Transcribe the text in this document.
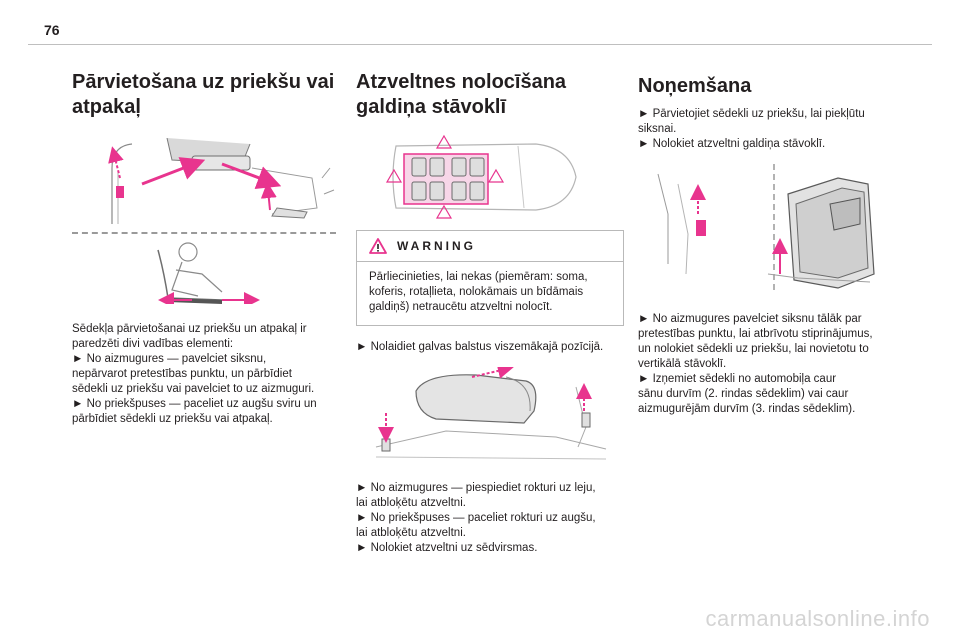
76
Pārvietošana uz priekšu vai atpakaļ

Sēdekļa pārvietošanai uz priekšu un atpakaļ ir

paredzēti divi vadības elementi:

► No aizmugures — pavelciet siksnu,

nepārvarot pretestības punktu, un pārbīdiet

sēdekli uz priekšu vai pavelciet to uz aizmuguri.

► No priekšpuses — paceliet uz augšu sviru un

pārbīdiet sēdekli uz priekšu vai atpakaļ.

Atzveltnes nolocīšana galdiņa stāvoklī
WARNING

Pārliecinieties, lai nekas (piemēram: soma,

koferis, rotaļlieta, nolokāmais un bīdāmais

galdiņš) netraucētu atzveltni nolocīt.

► Nolaidiet galvas balstus viszemākajā pozīcijā.

► No aizmugures — piespiediet rokturi uz leju,

lai atbloķētu atzveltni.

► No priekšpuses — paceliet rokturi uz augšu,

lai atbloķētu atzveltni.

► Nolokiet atzveltni uz sēdvirsmas.

Noņemšana

► Pārvietojiet sēdekli uz priekšu, lai piekļūtu

siksnai.

► Nolokiet atzveltni galdiņa stāvoklī.

► No aizmugures pavelciet siksnu tālāk par

pretestības punktu, lai atbrīvotu stiprinājumus,

un nolokiet sēdekli uz priekšu, lai novietotu to

vertikālā stāvoklī.

► Izņemiet sēdekli no automobiļa caur

sānu durvīm (2. rindas sēdeklim) vai caur

aizmugurējām durvīm (3. rindas sēdeklim).

carmanualsonline.info
